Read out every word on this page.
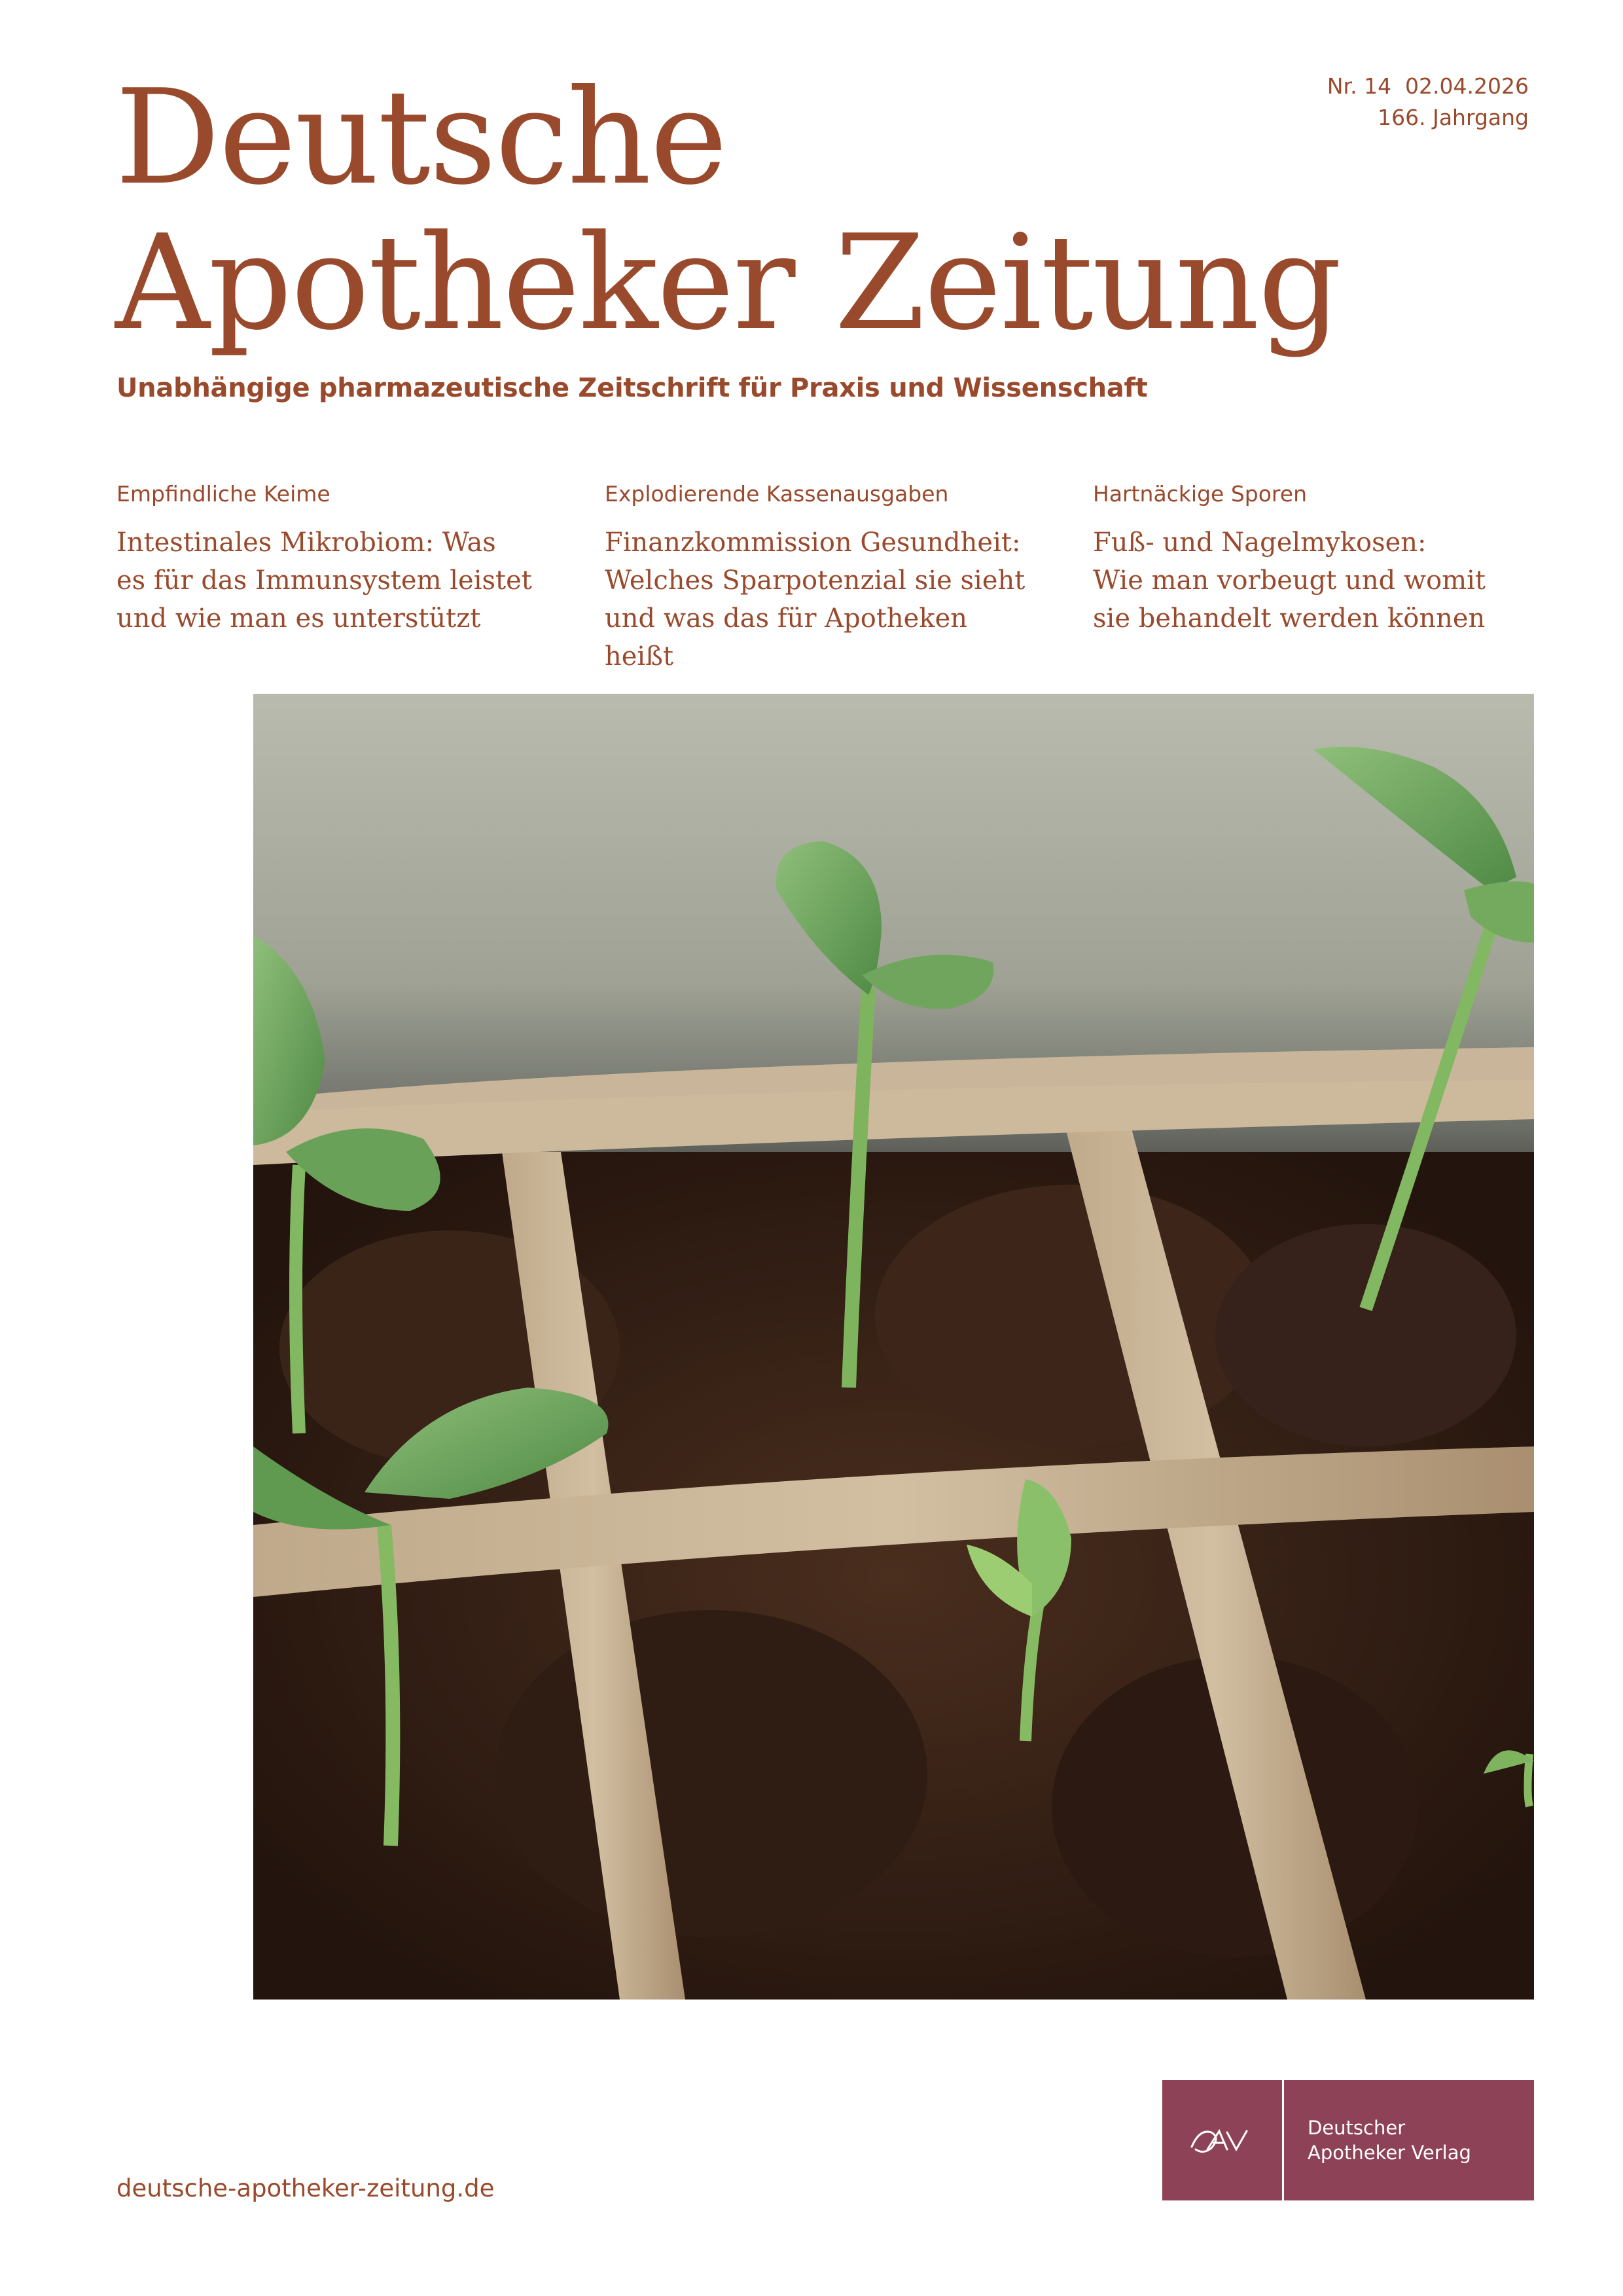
Deutsche
Apotheker Zeitung
Nr. 14  02.04.2026
166. Jahrgang
Unabhängige pharmazeutische Zeitschrift für Praxis und Wissenschaft
Empfindliche Keime
Intestinales Mikrobiom: Was
es für das Immunsystem leistet
und wie man es unterstützt
Explodierende Kassenausgaben
Finanzkommission Gesundheit:
Welches Sparpotenzial sie sieht
und was das für Apotheken heißt
Hartnäckige Sporen
Fuß- und Nagelmykosen:
Wie man vorbeugt und womit
sie behandelt werden können
deutsche-apotheker-zeitung.de
Deutscher
Apotheker Verlag
